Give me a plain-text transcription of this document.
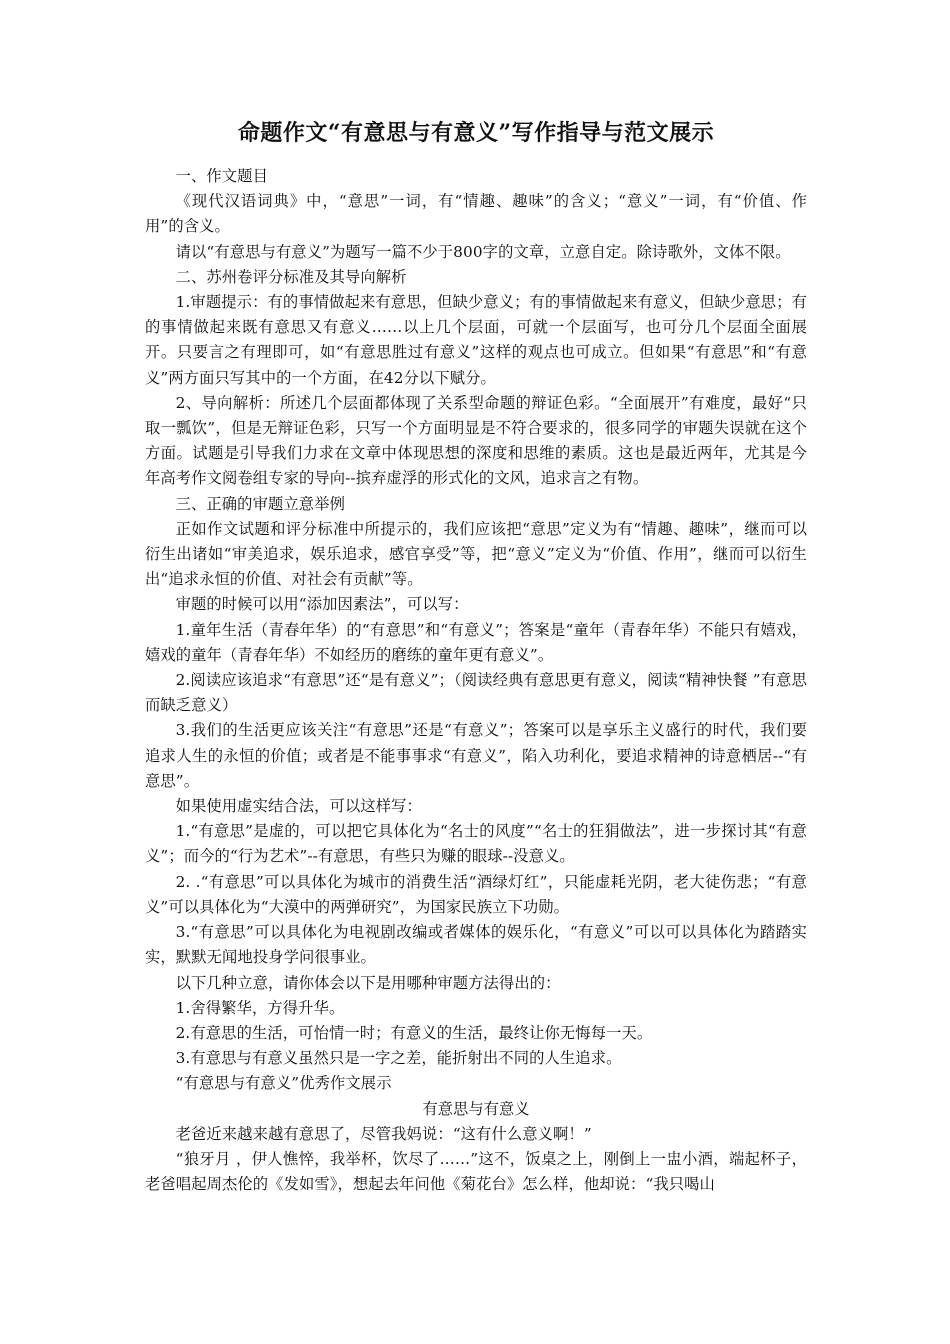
命题作文“有意思与有意义”写作指导与范文展示

一、作文题目

《现代汉语词典》中，“意思”一词，有“情趣、趣味”的含义；“意义”一词，有“价值、作用”的含义。

请以“有意思与有意义”为题写一篇不少于800字的文章，立意自定。除诗歌外，文体不限。

二、苏州卷评分标准及其导向解析

1.审题提示：有的事情做起来有意思，但缺少意义；有的事情做起来有意义，但缺少意思；有的事情做起来既有意思又有意义……以上几个层面，可就一个层面写，也可分几个层面全面展开。只要言之有理即可，如“有意思胜过有意义”这样的观点也可成立。但如果“有意思”和“有意义”两方面只写其中的一个方面，在42分以下赋分。

2、导向解析：所述几个层面都体现了关系型命题的辩证色彩。“全面展开”有难度，最好“只取一瓢饮”，但是无辩证色彩，只写一个方面明显是不符合要求的，很多同学的审题失误就在这个方面。试题是引导我们力求在文章中体现思想的深度和思维的素质。这也是最近两年，尤其是今年高考作文阅卷组专家的导向--摈弃虚浮的形式化的文风，追求言之有物。

三、正确的审题立意举例

正如作文试题和评分标准中所提示的，我们应该把“意思”定义为有“情趣、趣味”，继而可以衍生出诸如“审美追求，娱乐追求，感官享受”等，把“意义”定义为“价值、作用”，继而可以衍生出“追求永恒的价值、对社会有贡献”等。

审题的时候可以用“添加因素法”，可以写：

1.童年生活（青春年华）的“有意思”和“有意义”；答案是“童年（青春年华）不能只有嬉戏，嬉戏的童年（青春年华）不如经历的磨练的童年更有意义”。

2.阅读应该追求“有意思”还“是有意义”；（阅读经典有意思更有意义，阅读“精神快餐 ”有意思而缺乏意义）

3.我们的生活更应该关注“有意思”还是“有意义”；答案可以是享乐主义盛行的时代，我们要追求人生的永恒的价值；或者是不能事事求“有意义”，陷入功利化，要追求精神的诗意栖居--“有意思”。

如果使用虚实结合法，可以这样写：

1.“有意思”是虚的，可以把它具体化为“名士的风度”“名士的狂狷做法”，进一步探讨其“有意义”；而今的“行为艺术”--有意思，有些只为赚的眼球--没意义。

2. .“有意思”可以具体化为城市的消费生活“酒绿灯红”，只能虚耗光阴，老大徒伤悲；“有意义”可以具体化为“大漠中的两弹研究”，为国家民族立下功勋。

3.“有意思”可以具体化为电视剧改编或者媒体的娱乐化，“有意义”可以可以具体化为踏踏实实，默默无闻地投身学问很事业。

以下几种立意，请你体会以下是用哪种审题方法得出的：

1.舍得繁华，方得升华。

2.有意思的生活，可怡情一时；有意义的生活，最终让你无悔每一天。

3.有意思与有意义虽然只是一字之差，能折射出不同的人生追求。

“有意思与有意义”优秀作文展示

有意思与有意义

老爸近来越来越有意思了，尽管我妈说：“这有什么意义啊！”

“狼牙月 ，伊人憔悴，我举杯，饮尽了……”这不，饭桌之上，刚倒上一盅小酒，端起杯子，老爸唱起周杰伦的《发如雪》，想起去年问他《菊花台》怎么样，他却说：“我只喝山
